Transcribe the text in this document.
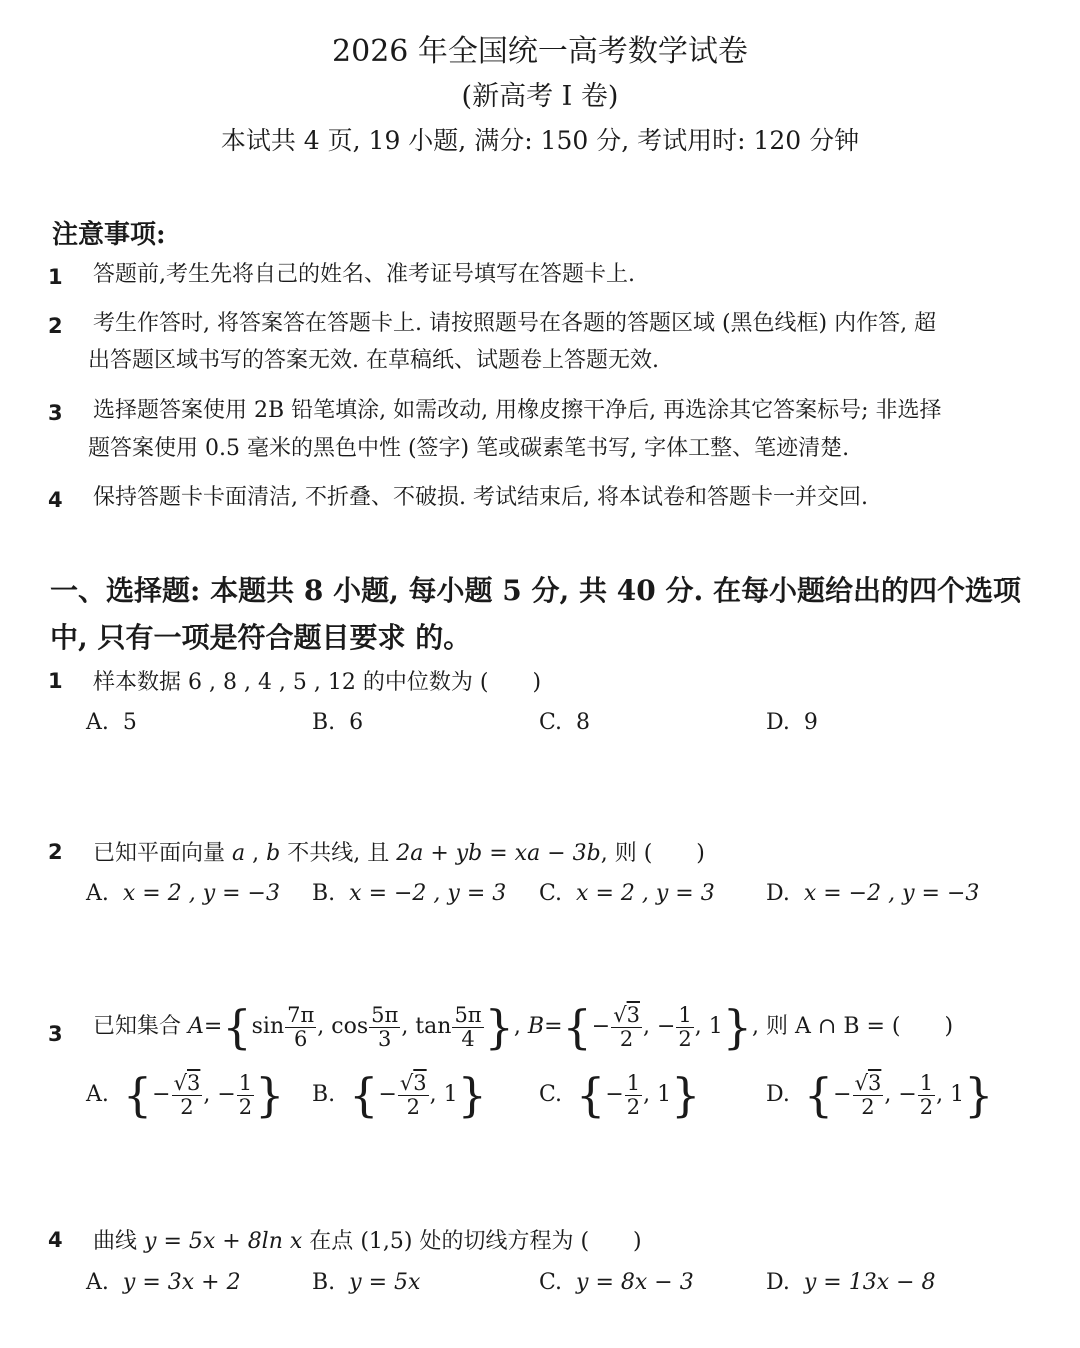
2026 年全国统一高考数学试卷
(新高考 I 卷)
本试共 4 页, 19 小题, 满分: 150 分, 考试用时: 120 分钟
注意事项:
1 答题前,考生先将自己的姓名、准考证号填写在答题卡上.
2 考生作答时, 将答案答在答题卡上. 请按照题号在各题的答题区域 (黑色线框) 内作答, 超
出答题区域书写的答案无效. 在草稿纸、试题卷上答题无效.
3 选择题答案使用 2B 铅笔填涂, 如需改动, 用橡皮擦干净后, 再选涂其它答案标号; 非选择
题答案使用 0.5 毫米的黑色中性 (签字) 笔或碳素笔书写, 字体工整、笔迹清楚.
4 保持答题卡卡面清洁, 不折叠、不破损. 考试结束后, 将本试卷和答题卡一并交回.
一、选择题: 本题共 8 小题, 每小题 5 分, 共 40 分. 在每小题给出的四个选项
中, 只有一项是符合题目要求 的。
1 样本数据 6 , 8 , 4 , 5 , 12 的中位数为 (　　)
A. 5	B. 6	C. 8	D. 9
2 已知平面向量 a , b 不共线, 且 2a + yb = xa − 3b, 则 (　　)
A. x = 2 , y = −3 B. x = −2 , y = 3 C. x = 2 , y = 3 D. x = −2 , y = −3
3 已知集合 $A=\{\sin \frac{7\pi}{6}$ , $\cos \frac{5\pi}{3}$ , $\tan \frac{5\pi}{4}$ }, $B=\{- \frac{√3}{2}$ , − $\frac{1}{2}$ , 1}, 则 A ∩ B = (　　)
A. {− $\frac{√3}{2}$ , − $\frac{1}{2}$ } B. {− $\frac{√3}{2}$ , 1} C. {− $\frac{1}{2}$ , 1}	D. {− $\frac{√3}{2}$ , − $\frac{1}{2}$ , 1}
4 曲线 y = 5x + 8ln x 在点 (1,5) 处的切线方程为 (　　)
A. y = 3x + 2	B. y = 5x	C. y = 8x − 3	D. y = 13x − 8
